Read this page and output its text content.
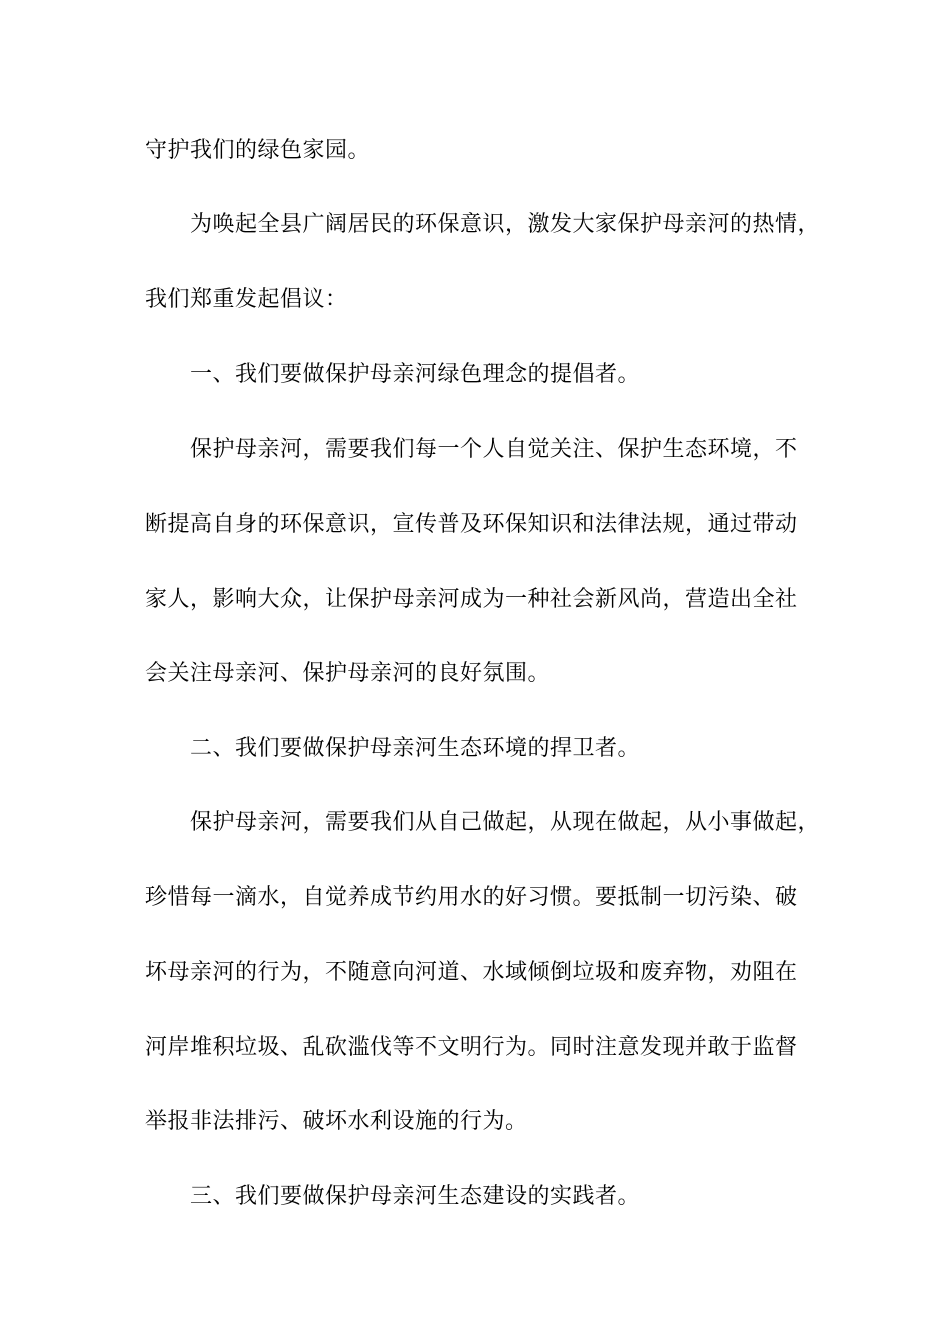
守护我们的绿色家园。
为唤起全县广阔居民的环保意识，激发大家保护母亲河的热情，
我们郑重发起倡议：
一、我们要做保护母亲河绿色理念的提倡者。
保护母亲河，需要我们每一个人自觉关注、保护生态环境，不
断提高自身的环保意识，宣传普及环保知识和法律法规，通过带动
家人，影响大众，让保护母亲河成为一种社会新风尚，营造出全社
会关注母亲河、保护母亲河的良好氛围。
二、我们要做保护母亲河生态环境的捍卫者。
保护母亲河，需要我们从自己做起，从现在做起，从小事做起，
珍惜每一滴水，自觉养成节约用水的好习惯。要抵制一切污染、破
坏母亲河的行为，不随意向河道、水域倾倒垃圾和废弃物，劝阻在
河岸堆积垃圾、乱砍滥伐等不文明行为。同时注意发现并敢于监督
举报非法排污、破坏水利设施的行为。
三、我们要做保护母亲河生态建设的实践者。
